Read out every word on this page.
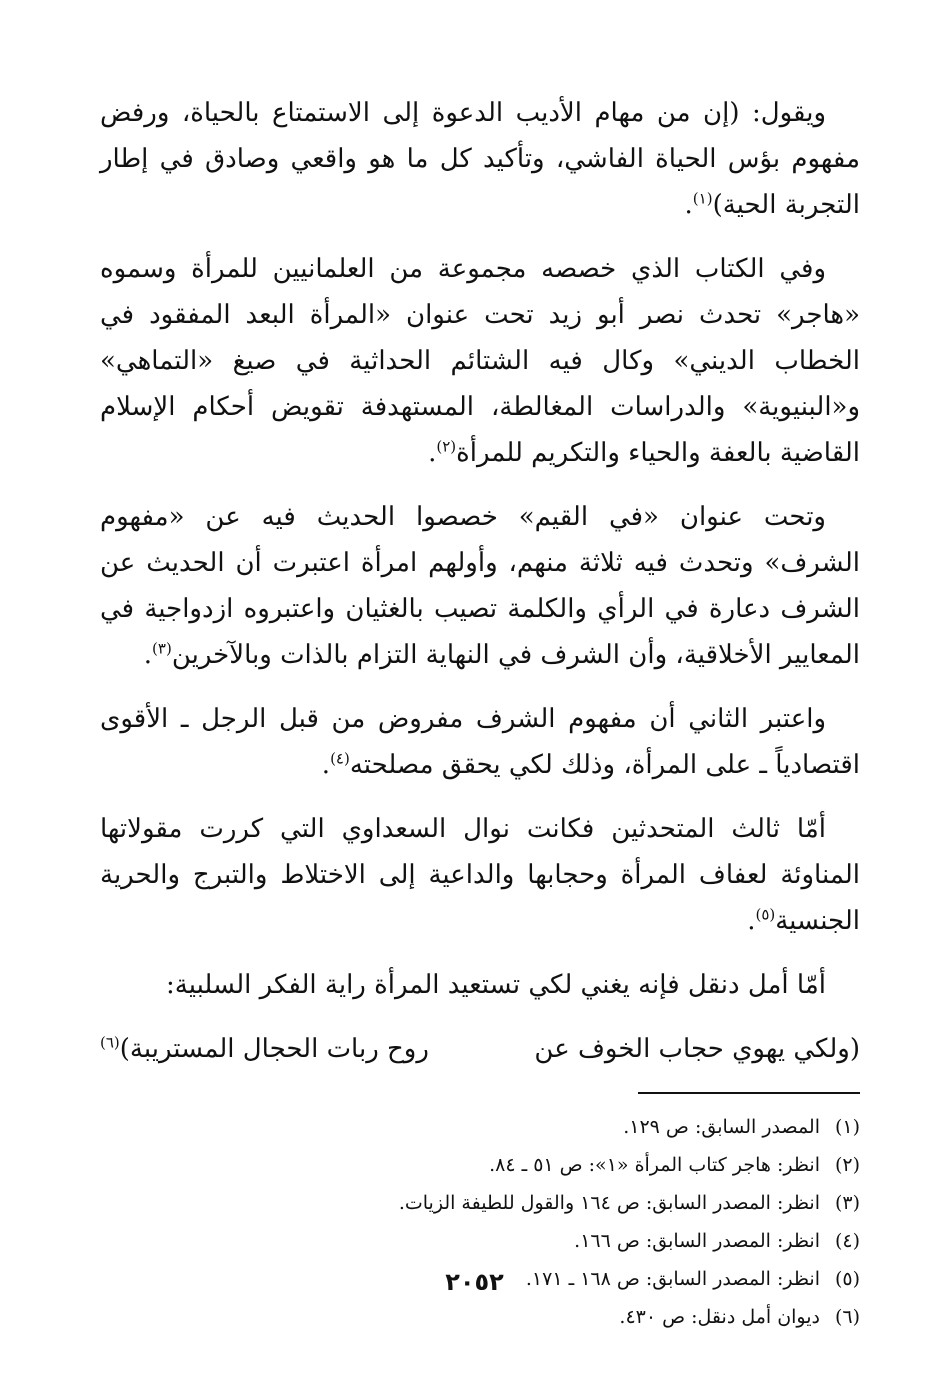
ويقول: (إن من مهام الأديب الدعوة إلى الاستمتاع بالحياة، ورفض مفهوم بؤس الحياة الفاشي، وتأكيد كل ما هو واقعي وصادق في إطار التجربة الحية)$^{(١)}$.

وفي الكتاب الذي خصصه مجموعة من العلمانيين للمرأة وسموه «هاجر» تحدث نصر أبو زيد تحت عنوان «المرأة البعد المفقود في الخطاب الديني» وكال فيه الشتائم الحداثية في صيغ «التماهي» و«البنيوية» والدراسات المغالطة، المستهدفة تقويض أحكام الإسلام القاضية بالعفة والحياء والتكريم للمرأة$^{(٢)}$.

وتحت عنوان «في القيم» خصصوا الحديث فيه عن «مفهوم الشرف» وتحدث فيه ثلاثة منهم، وأولهم امرأة اعتبرت أن الحديث عن الشرف دعارة في الرأي والكلمة تصيب بالغثيان واعتبروه ازدواجية في المعايير الأخلاقية، وأن الشرف في النهاية التزام بالذات وبالآخرين$^{(٣)}$.

واعتبر الثاني أن مفهوم الشرف مفروض من قبل الرجل ـ الأقوى اقتصادياً ـ على المرأة، وذلك لكي يحقق مصلحته$^{(٤)}$.

أمّا ثالث المتحدثين فكانت نوال السعداوي التي كررت مقولاتها المناوئة لعفاف المرأة وحجابها والداعية إلى الاختلاط والتبرج والحرية الجنسية$^{(٥)}$.

أمّا أمل دنقل فإنه يغني لكي تستعيد المرأة راية الفكر السلبية:

(ولكي يهوي حجاب الخوف عن
روح ربات الحجال المستريبة)$^{(٦)}$
(١)المصدر السابق: ص ١٢٩.
(٢)انظر: هاجر كتاب المرأة «١»: ص ٥١ ـ ٨٤.
(٣)انظر: المصدر السابق: ص ١٦٤ والقول للطيفة الزيات.
(٤)انظر: المصدر السابق: ص ١٦٦.
(٥)انظر: المصدر السابق: ص ١٦٨ ـ ١٧١.
(٦)ديوان أمل دنقل: ص ٤٣٠.
٢٠٥٢
